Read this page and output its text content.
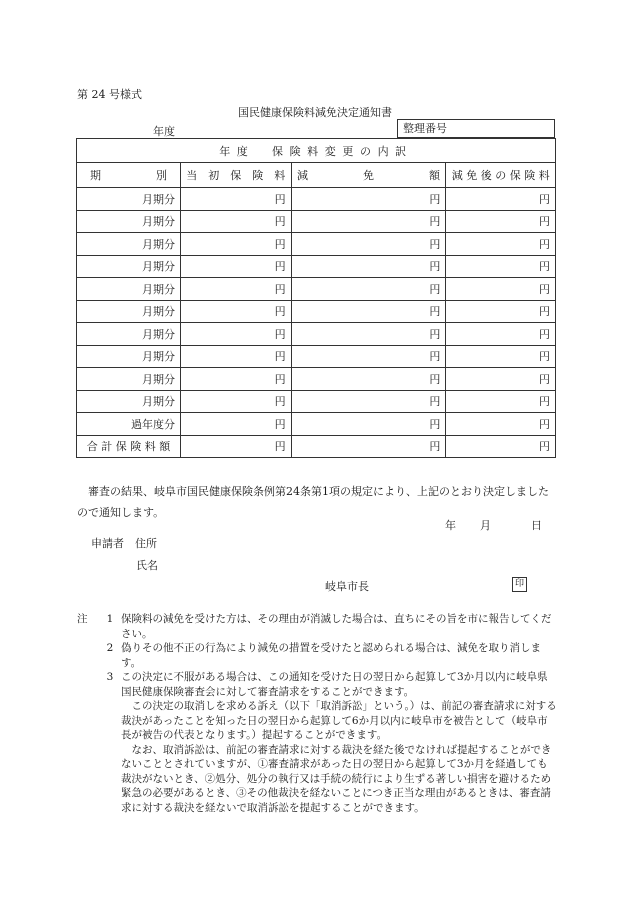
第 24 号様式
国民健康保険料減免決定通知書
年度	整理番号
年度　保険料変更の内訳			
期　　　　　別	当　初　保　険　料	減　　　　　免　　　　　額	減 免 後 の 保 険 料
月期分	円	円	円
月期分	円	円	円
月期分	円	円	円
月期分	円	円	円
月期分	円	円	円
月期分	円	円	円
月期分	円	円	円
月期分	円	円	円
月期分	円	円	円
月期分	円	円	円
過年度分	円	円	円
合 計 保 険 料 額	円	円	円
審査の結果、岐阜市国民健康保険条例第24条第1項の規定により、上記のとおり決定しましたので通知します。
年 月	日
申請者　住所
氏名
岐阜市長	印
注	1 保険料の減免を受けた方は、その理由が消滅した場合は、直ちにその旨を市に報告してください。
2 偽りその他不正の行為により減免の措置を受けたと認められる場合は、減免を取り消します。
3 この決定に不服がある場合は、この通知を受けた日の翌日から起算して3か月以内に岐阜県国民健康保険審査会に対して審査請求をすることができます。
この決定の取消しを求める訴え（以下「取消訴訟」という。）は、前記の審査請求に対する裁決があったことを知った日の翌日から起算して6か月以内に岐阜市を被告として（岐阜市長が被告の代表となります。）提起することができます。
なお、取消訴訟は、前記の審査請求に対する裁決を経た後でなければ提起することができないこととされていますが、①審査請求があった日の翌日から起算して3か月を経過しても裁決がないとき、②処分、処分の執行又は手続の続行により生ずる著しい損害を避けるため緊急の必要があるとき、③その他裁決を経ないことにつき正当な理由があるときは、審査請求に対する裁決を経ないで取消訴訟を提起することができます。
